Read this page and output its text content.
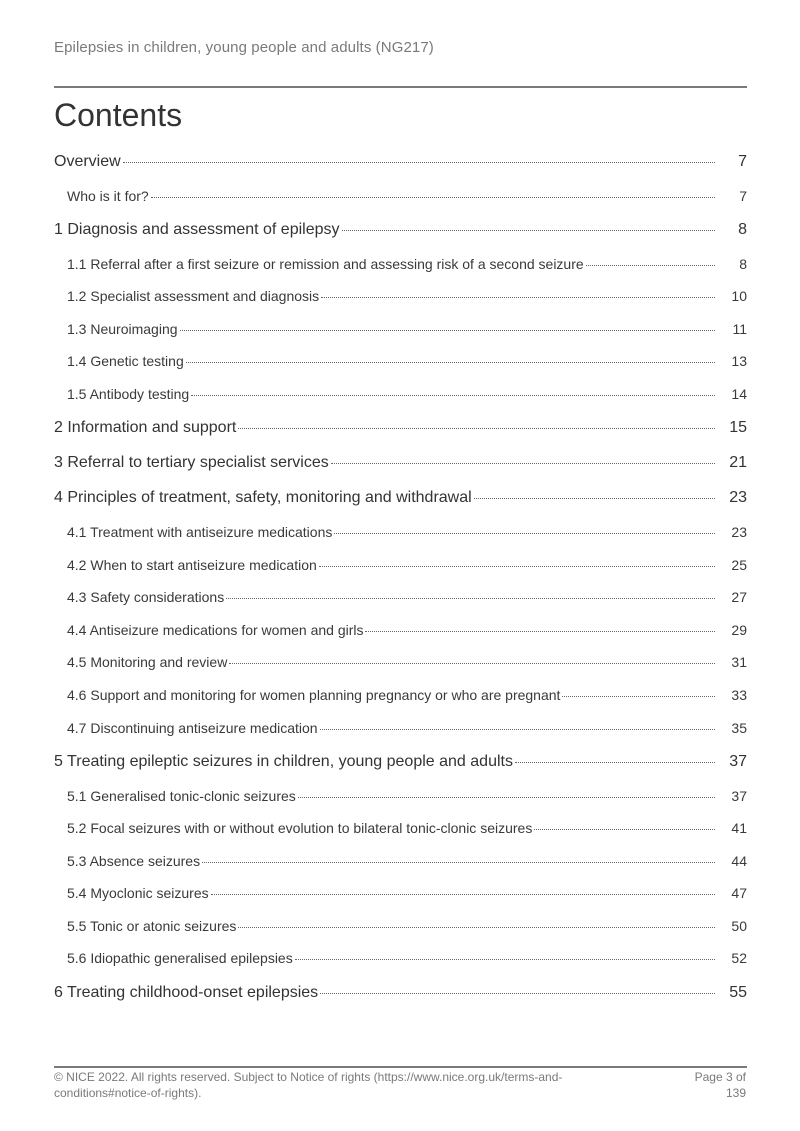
Epilepsies in children, young people and adults (NG217)
Contents
Overview	7
Who is it for?	7
1 Diagnosis and assessment of epilepsy	8
1.1 Referral after a first seizure or remission and assessing risk of a second seizure	8
1.2 Specialist assessment and diagnosis	10
1.3 Neuroimaging	11
1.4 Genetic testing	13
1.5 Antibody testing	14
2 Information and support	15
3 Referral to tertiary specialist services	21
4 Principles of treatment, safety, monitoring and withdrawal	23
4.1 Treatment with antiseizure medications	23
4.2 When to start antiseizure medication	25
4.3 Safety considerations	27
4.4 Antiseizure medications for women and girls	29
4.5 Monitoring and review	31
4.6 Support and monitoring for women planning pregnancy or who are pregnant	33
4.7 Discontinuing antiseizure medication	35
5 Treating epileptic seizures in children, young people and adults	37
5.1 Generalised tonic-clonic seizures	37
5.2 Focal seizures with or without evolution to bilateral tonic-clonic seizures	41
5.3 Absence seizures	44
5.4 Myoclonic seizures	47
5.5 Tonic or atonic seizures	50
5.6 Idiopathic generalised epilepsies	52
6 Treating childhood-onset epilepsies	55
© NICE 2022. All rights reserved. Subject to Notice of rights (https://www.nice.org.uk/terms-and-conditions#notice-of-rights).
Page 3 of 139
